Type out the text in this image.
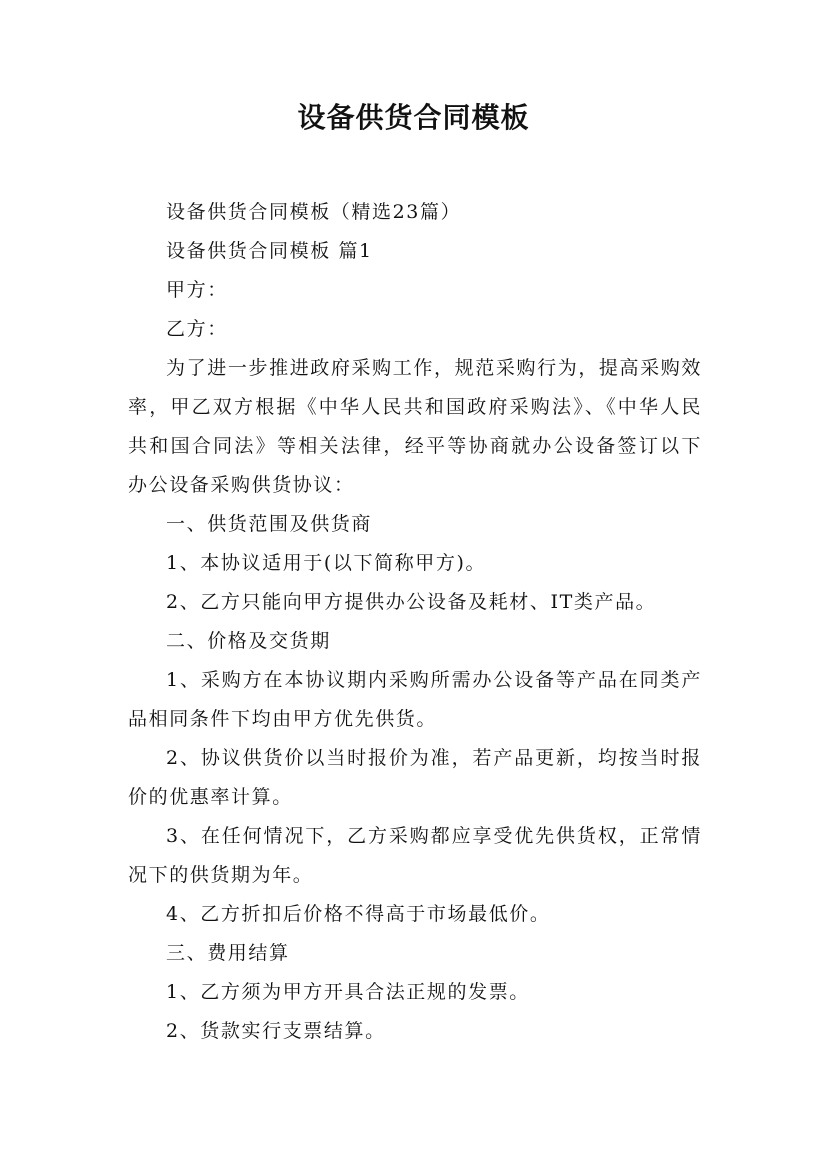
设备供货合同模板

设备供货合同模板（精选23篇）

设备供货合同模板 篇1

甲方：

乙方：

为了进一步推进政府采购工作，规范采购行为，提高采购效率，甲乙双方根据《中华人民共和国政府采购法》、《中华人民共和国合同法》等相关法律，经平等协商就办公设备签订以下办公设备采购供货协议：

一、供货范围及供货商

1、本协议适用于(以下简称甲方)。

2、乙方只能向甲方提供办公设备及耗材、IT类产品。

二、价格及交货期

1、采购方在本协议期内采购所需办公设备等产品在同类产品相同条件下均由甲方优先供货。

2、协议供货价以当时报价为准，若产品更新，均按当时报价的优惠率计算。

3、在任何情况下，乙方采购都应享受优先供货权，正常情况下的供货期为年。

4、乙方折扣后价格不得高于市场最低价。

三、费用结算

1、乙方须为甲方开具合法正规的发票。

2、货款实行支票结算。
